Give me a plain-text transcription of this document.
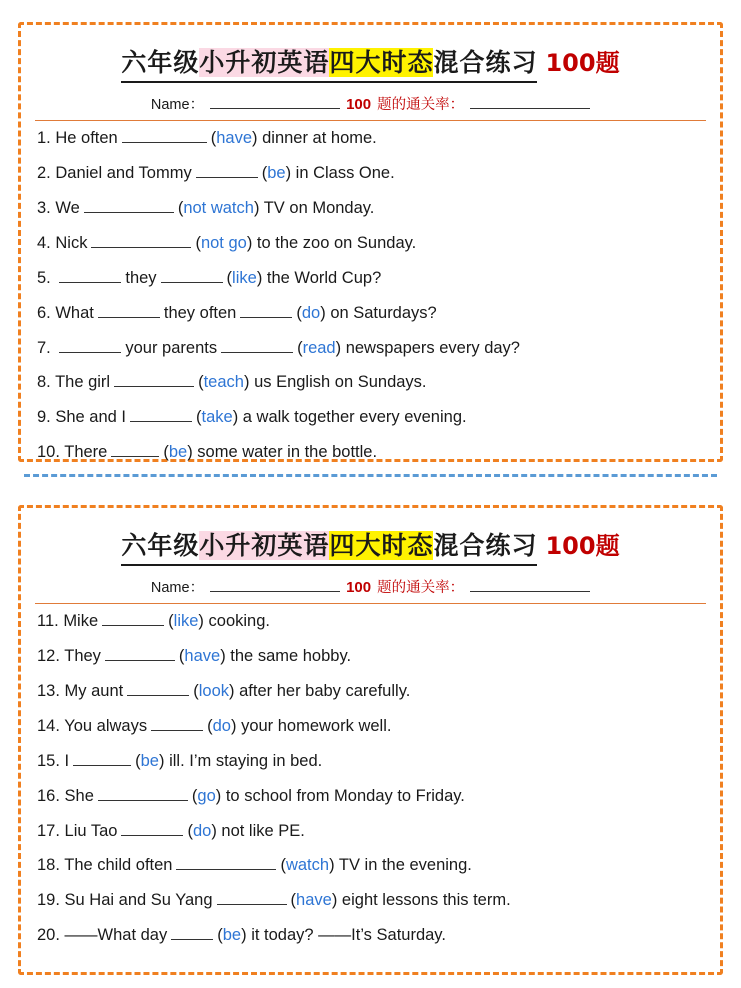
六年级小升初英语四大时态混合练习 100题
Name：	100 题的通关率：
1. He often	(have) dinner at home.
2. Daniel and Tommy	(be) in Class One.
3. We	(not watch) TV on Monday.
4. Nick	(not go) to the zoo on Sunday.
5.	they	(like) the World Cup?
6. What	they often	(do) on Saturdays?
7.	your parents	(read) newspapers every day?
8. The girl	(teach) us English on Sundays.
9. She and I	(take) a walk together every evening.
10. There	(be) some water in the bottle.
六年级小升初英语四大时态混合练习 100题
Name：	100 题的通关率：
11. Mike	(like) cooking.
12. They	(have) the same hobby.
13. My aunt	(look) after her baby carefully.
14. You always	(do) your homework well.
15. I	(be) ill. I’m staying in bed.
16. She	(go) to school from Monday to Friday.
17. Liu Tao	(do) not like PE.
18. The child often	(watch) TV in the evening.
19. Su Hai and Su Yang	(have) eight lessons this term.
20. ——What day	(be) it today? ——It’s Saturday.
